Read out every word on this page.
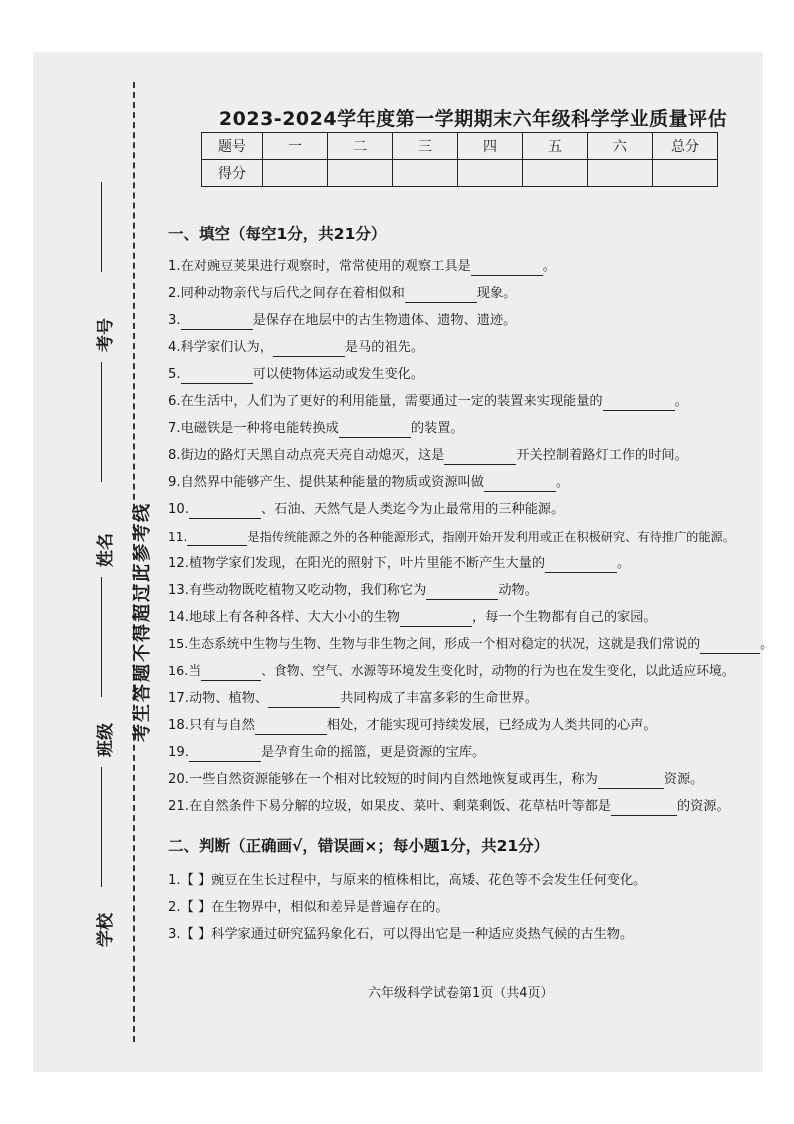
考号
姓名
班级
学校
考生答题不得超过此参考线
2023-2024学年度第一学期期末六年级科学学业质量评估
题号	一	二	三	四	五	六	总分
得分							
一、填空（每空1分，共21分）
1.在对豌豆荚果进行观察时，常常使用的观察工具是	。
2.同种动物亲代与后代之间存在着相似和	现象。
3.	是保存在地层中的古生物遗体、遗物、遗迹。
4.科学家们认为，	是马的祖先。
5.	可以使物体运动或发生变化。
6.在生活中，人们为了更好的利用能量，需要通过一定的装置来实现能量的	。
7.电磁铁是一种将电能转换成	的装置。
8.街边的路灯天黑自动点亮天亮自动熄灭，这是	开关控制着路灯工作的时间。
9.自然界中能够产生、提供某种能量的物质或资源叫做	。
10.	、石油、天然气是人类迄今为止最常用的三种能源。
11.	是指传统能源之外的各种能源形式，指刚开始开发利用或正在积极研究、有待推广的能源。
12.植物学家们发现，在阳光的照射下，叶片里能不断产生大量的	。
13.有些动物既吃植物又吃动物，我们称它为	动物。
14.地球上有各种各样、大大小小的生物	，每一个生物都有自己的家园。
15.生态系统中生物与生物、生物与非生物之间，形成一个相对稳定的状况，这就是我们常说的	。
16.当	、食物、空气、水源等环境发生变化时，动物的行为也在发生变化，以此适应环境。
17.动物、植物、	共同构成了丰富多彩的生命世界。
18.只有与自然	相处，才能实现可持续发展，已经成为人类共同的心声。
19.	是孕育生命的摇篮，更是资源的宝库。
20.一些自然资源能够在一个相对比较短的时间内自然地恢复或再生，称为	资源。
21.在自然条件下易分解的垃圾，如果皮、菜叶、剩菜剩饭、花草枯叶等都是	的资源。
二、判断（正确画√，错误画×；每小题1分，共21分）
1.【 】豌豆在生长过程中，与原来的植株相比，高矮、花色等不会发生任何变化。
2.【 】在生物界中，相似和差异是普遍存在的。
3.【 】科学家通过研究猛犸象化石，可以得出它是一种适应炎热气候的古生物。
六年级科学试卷第1页（共4页）
